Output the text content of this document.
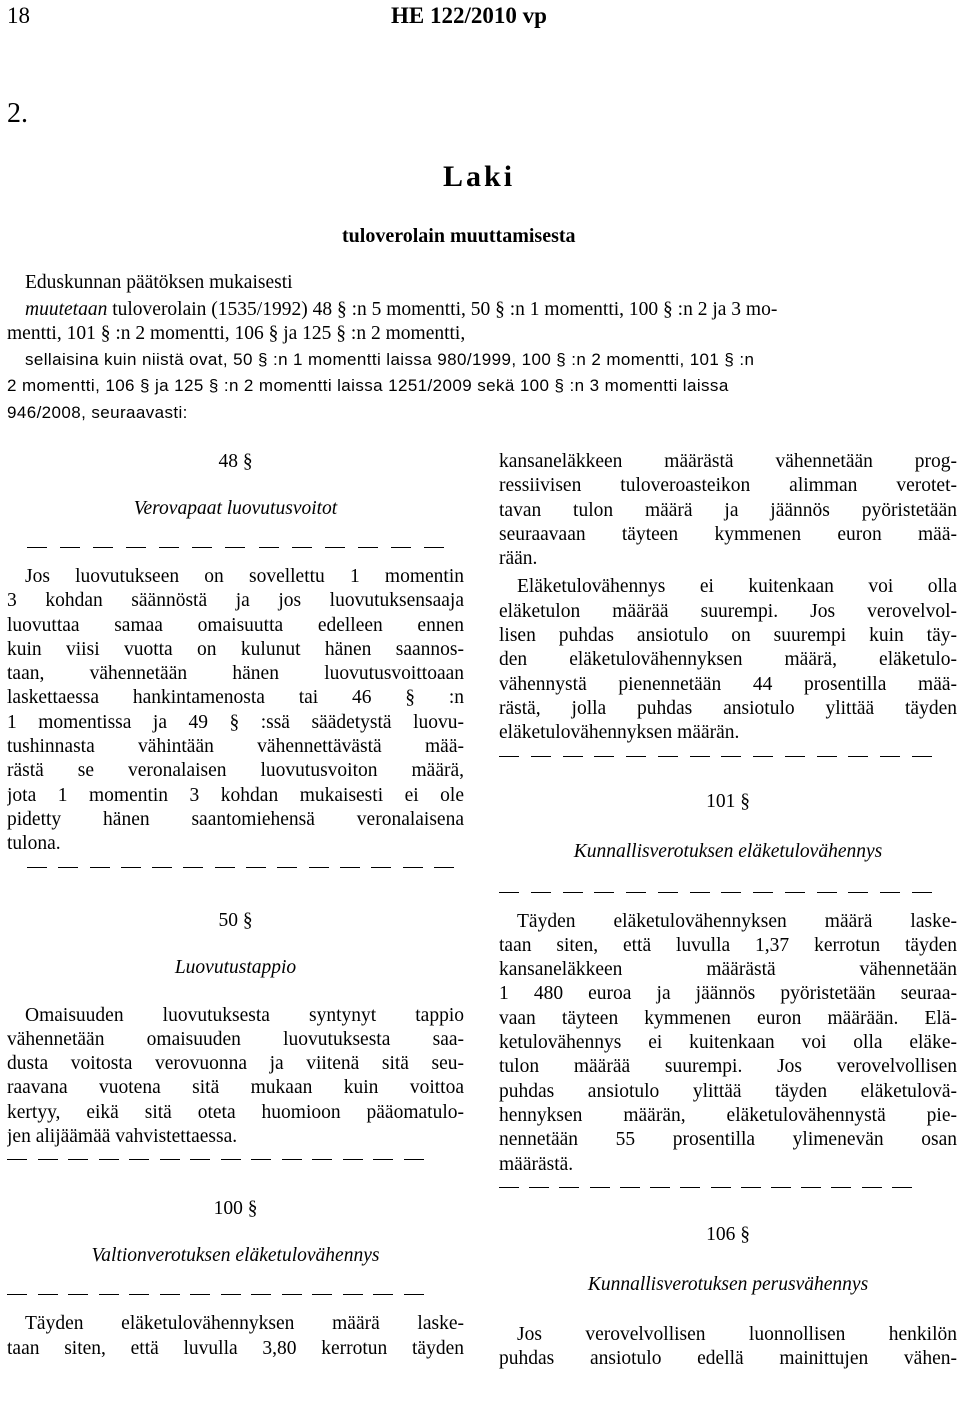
18	HE 122/2010 vp
2.
Laki
tuloverolain muuttamisesta
Eduskunnan päätöksen mukaisesti
muutetaan tuloverolain (1535/1992) 48 § :n 5 momentti, 50 § :n 1 momentti, 100 § :n 2 ja 3 mo-
mentti, 101 § :n 2 momentti, 106 § ja 125 § :n 2 momentti,
sellaisina kuin niistä ovat, 50 § :n 1 momentti laissa 980/1999, 100 § :n 2 momentti, 101 § :n
2 momentti, 106 § ja 125 § :n 2 momentti laissa 1251/2009 sekä 100 § :n 3 momentti laissa
946/2008, seuraavasti:
48 §
Verovapaat luovutusvoitot
Jos luovutukseen on sovellettu 1 momentin
3 kohdan säännöstä ja jos luovutuksensaaja
luovuttaa samaa omaisuutta edelleen ennen
kuin viisi vuotta on kulunut hänen saannos-
taan, vähennetään hänen luovutusvoittoaan
laskettaessa hankintamenosta tai 46 § :n
1 momentissa ja 49 § :ssä säädetystä luovu-
tushinnasta vähintään vähennettävästä mää-
rästä se veronalaisen luovutusvoiton määrä,
jota 1 momentin 3 kohdan mukaisesti ei ole
pidetty hänen saantomiehensä veronalaisena
tulona.
50 §
Luovutustappio
Omaisuuden luovutuksesta syntynyt tappio
vähennetään omaisuuden luovutuksesta saa-
dusta voitosta verovuonna ja viitenä sitä seu-
raavana vuotena sitä mukaan kuin voittoa
kertyy, eikä sitä oteta huomioon pääomatulo-
jen alijäämää vahvistettaessa.
100 §
Valtionverotuksen eläketulovähennys
Täyden eläketulovähennyksen määrä laske-
taan siten, että luvulla 3,80 kerrotun täyden
kansaneläkkeen määrästä vähennetään prog-
ressiivisen tuloveroasteikon alimman verotet-
tavan tulon määrä ja jäännös pyöristetään
seuraavaan täyteen kymmenen euron mää-
rään.
Eläketulovähennys ei kuitenkaan voi olla
eläketulon määrää suurempi. Jos verovelvol-
lisen puhdas ansiotulo on suurempi kuin täy-
den eläketulovähennyksen määrä, eläketulo-
vähennystä pienennetään 44 prosentilla mää-
rästä, jolla puhdas ansiotulo ylittää täyden
eläketulovähennyksen määrän.
101 §
Kunnallisverotuksen eläketulovähennys
Täyden eläketulovähennyksen määrä laske-
taan siten, että luvulla 1,37 kerrotun täyden
kansaneläkkeen määrästä vähennetään
1 480 euroa ja jäännös pyöristetään seuraa-
vaan täyteen kymmenen euron määrään. Elä-
ketulovähennys ei kuitenkaan voi olla eläke-
tulon määrää suurempi. Jos verovelvollisen
puhdas ansiotulo ylittää täyden eläketulovä-
hennyksen määrän, eläketulovähennystä pie-
nennetään 55 prosentilla ylimenevän osan
määrästä.
106 §
Kunnallisverotuksen perusvähennys
Jos verovelvollisen luonnollisen henkilön
puhdas ansiotulo edellä mainittujen vähen-
